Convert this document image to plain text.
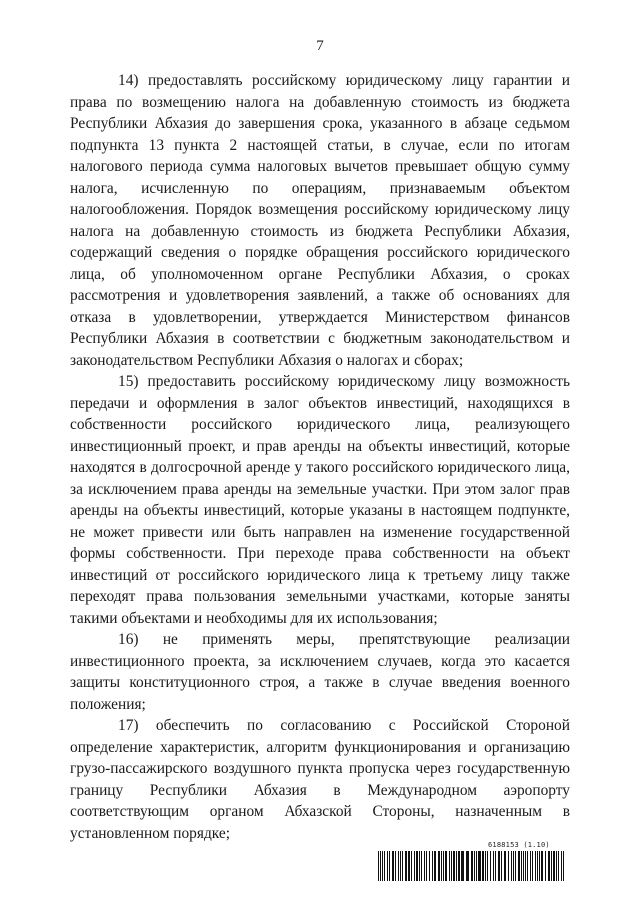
7

14) предоставлять российскому юридическому лицу гарантии и права по возмещению налога на добавленную стоимость из бюджета Республики Абхазия до завершения срока, указанного в абзаце седьмом подпункта 13 пункта 2 настоящей статьи, в случае, если по итогам налогового периода сумма налоговых вычетов превышает общую сумму налога, исчисленную по операциям, признаваемым объектом налогообложения. Порядок возмещения российскому юридическому лицу налога на добавленную стоимость из бюджета Республики Абхазия, содержащий сведения о порядке обращения российского юридического лица, об уполномоченном органе Республики Абхазия, о сроках рассмотрения и удовлетворения заявлений, а также об основаниях для отказа в удовлетворении, утверждается Министерством финансов Республики Абхазия в соответствии с бюджетным законодательством и законодательством Республики Абхазия о налогах и сборах;

15) предоставить российскому юридическому лицу возможность передачи и оформления в залог объектов инвестиций, находящихся в собственности российского юридического лица, реализующего инвестиционный проект, и прав аренды на объекты инвестиций, которые находятся в долгосрочной аренде у такого российского юридического лица, за исключением права аренды на земельные участки. При этом залог прав аренды на объекты инвестиций, которые указаны в настоящем подпункте, не может привести или быть направлен на изменение государственной формы собственности. При переходе права собственности на объект инвестиций от российского юридического лица к третьему лицу также переходят права пользования земельными участками, которые заняты такими объектами и необходимы для их использования;

16) не применять меры, препятствующие реализации инвестиционного проекта, за исключением случаев, когда это касается защиты конституционного строя, а также в случае введения военного положения;

17) обеспечить по согласованию с Российской Стороной определение характеристик, алгоритм функционирования и организацию грузо-пассажирского воздушного пункта пропуска через государственную границу Республики Абхазия в Международном аэропорту соответствующим органом Абхазской Стороны, назначенным в установленном порядке;

6188153 (1.10)
